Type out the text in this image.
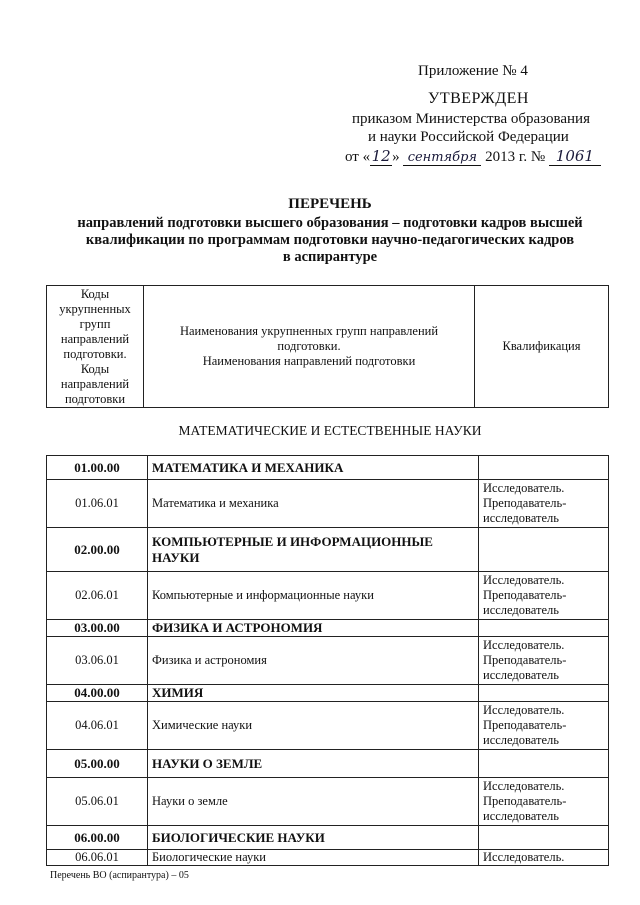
Приложение № 4
УТВЕРЖДЕН
приказом Министерства образования
и науки Российской Федерации
от «12» сентября 2013 г. № 1061
ПЕРЕЧЕНЬ
направлений подготовки высшего образования – подготовки кадров высшей
квалификации по программам подготовки научно-педагогических кадров
в аспирантуре
Коды
укрупненных
групп
направлений
подготовки.
Коды
направлений
подготовки

Наименования укрупненных групп направлений
подготовки.
Наименования направлений подготовки
	Квалификация
МАТЕМАТИЧЕСКИЕ И ЕСТЕСТВЕННЫЕ НАУКИ
01.00.00	МАТЕМАТИКА И МЕХАНИКА	
01.06.01	Математика и механика	Исследователь.
Преподаватель-
исследователь

02.00.00	КОМПЬЮТЕРНЫЕ И ИНФОРМАЦИОННЫЕ
НАУКИ	

02.06.01	Компьютерные и информационные науки	Исследователь.
Преподаватель-
исследователь

03.00.00	ФИЗИКА И АСТРОНОМИЯ	
03.06.01	Физика и астрономия	Исследователь.
Преподаватель-
исследователь

04.00.00	ХИМИЯ	
04.06.01	Химические науки	Исследователь.
Преподаватель-
исследователь

05.00.00	НАУКИ О ЗЕМЛЕ	
05.06.01	Науки о земле	Исследователь.
Преподаватель-
исследователь

06.00.00	БИОЛОГИЧЕСКИЕ НАУКИ	
06.06.01	Биологические науки	Исследователь.
Перечень ВО (аспирантура) – 05
